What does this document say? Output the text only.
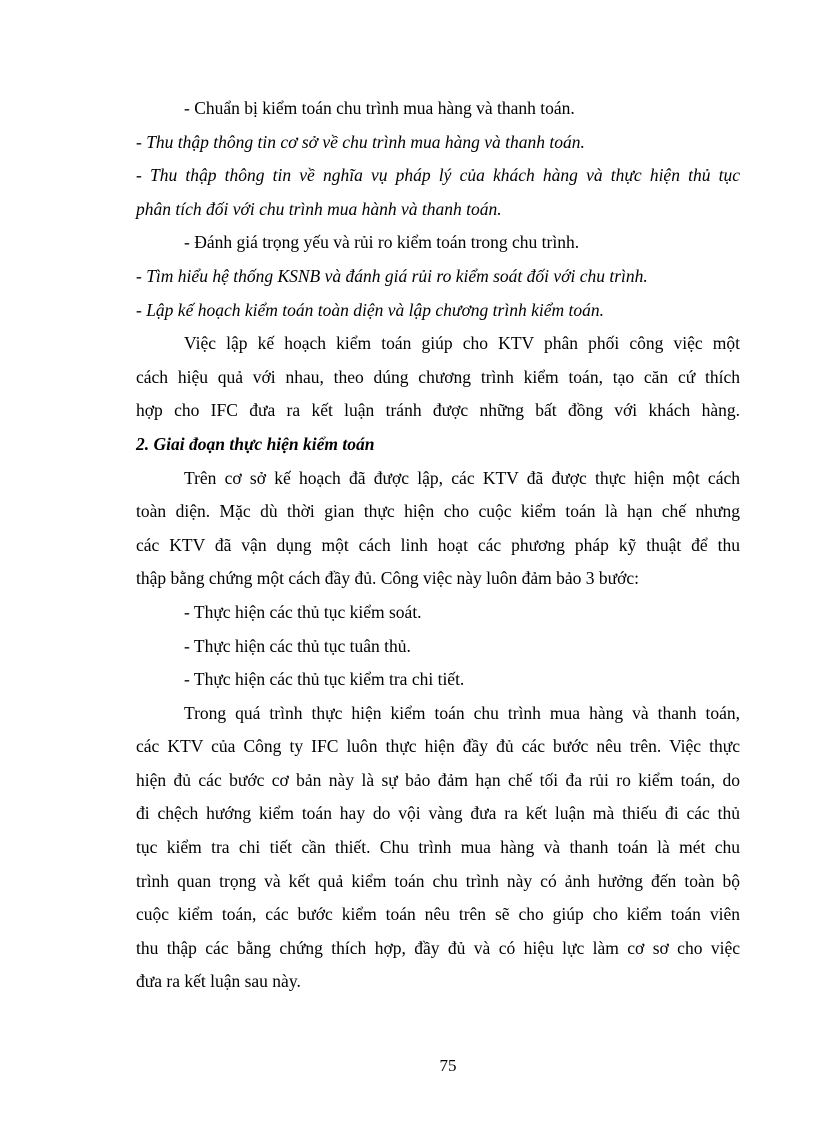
- Chuẩn bị kiểm toán chu trình mua hàng và thanh toán.
- Thu thập thông tin cơ sở về chu trình mua hàng và thanh toán.
- Thu thập thông tin về nghĩa vụ pháp lý của khách hàng và thực hiện thủ tục
phân tích đối với chu trình mua hành và thanh toán.
- Đánh giá trọng yếu và rủi ro kiểm toán trong chu trình.
- Tìm hiểu hệ thống KSNB và đánh giá rủi ro kiểm soát đối với chu trình.
- Lập kế hoạch kiểm toán toàn diện và lập chương trình kiểm toán.
Việc lập kế hoạch kiểm toán giúp cho KTV phân phối công việc một
cách hiệu quả với nhau, theo dúng chương trình kiểm toán, tạo căn cứ thích
hợp cho IFC đưa ra kết luận tránh được những bất đồng với khách hàng.
2. Giai đoạn thực hiện kiểm toán
Trên cơ sở kế hoạch đã được lập, các KTV đã được thực hiện một cách
toàn diện. Mặc dù thời gian thực hiện cho cuộc kiểm toán là hạn chế nhưng
các KTV đã vận dụng một cách linh hoạt các phương pháp kỹ thuật để thu
thập bằng chứng một cách đầy đủ. Công việc này luôn đảm bảo 3 bước:
- Thực hiện các thủ tục kiểm soát.
- Thực hiện các thủ tục tuân thủ.
- Thực hiện các thủ tục kiểm tra chi tiết.
Trong quá trình thực hiện kiểm toán chu trình mua hàng và thanh toán,
các KTV của Công ty IFC luôn thực hiện đầy đủ các bước nêu trên. Việc thực
hiện đủ các bước cơ bản này là sự bảo đảm hạn chế tối đa rủi ro kiểm toán, do
đi chệch hướng kiểm toán hay do vội vàng đưa ra kết luận mà thiếu đi các thủ
tục kiểm tra chi tiết cần thiết. Chu trình mua hàng và thanh toán là mét chu
trình quan trọng và kết quả kiểm toán chu trình này có ảnh hưởng đến toàn bộ
cuộc kiểm toán, các bước kiểm toán nêu trên sẽ cho giúp cho kiểm toán viên
thu thập các bằng chứng thích hợp, đầy đủ và có hiệu lực làm cơ sơ cho việc
đưa ra kết luận sau này.
75
